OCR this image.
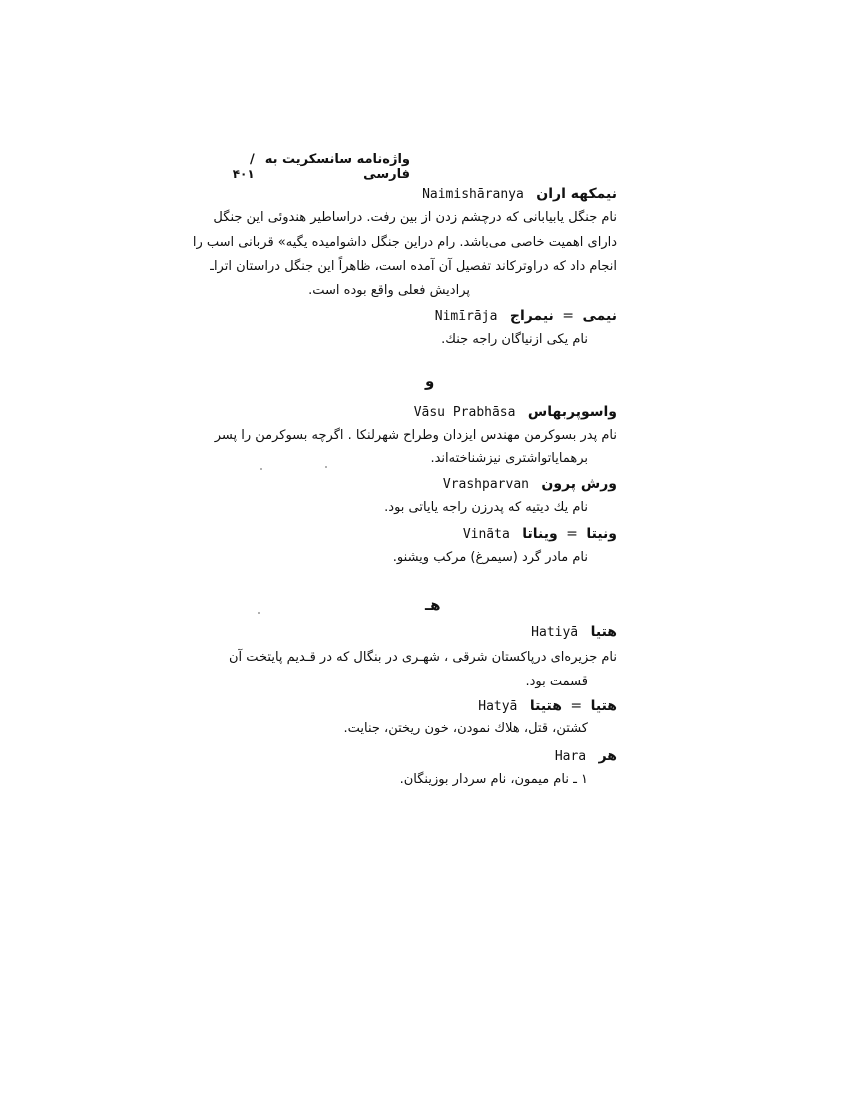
واژه‌نامه سانسکریت به فارسی
/ ۴۰۱
نیمکهه اران Naimishāranya
نام جنگل یابیابانی که درچشم زدن از بین رفت. دراساطیر هندوئی این جنگل
دارای اهمیت خاصی می‌باشد. رام دراین جنگل داشوامیده یگیه» قربانی اسب را
انجام داد که دراوترکاند تفصیل آن آمده است، ظاهراً این جنگل دراستان اتراـ
پرادیش فعلی واقع بوده است.
نیمی = نیمراج Nimīrāja
نام یکی ازنیاگان راجه جنك.
و
واسوپربهاس Vāsu Prabhāsa
نام پدر بسوکرمن مهندس ایزدان وطراح شهرلنکا . اگرچه بسوکرمن را پسر
برهمایاتواشتری نیزشناخته‌اند.
ورش پرون Vrashparvan
نام یك دیتیه که پدرزن راجه یاياتی بود.
ونیتا = ویناتا Vinãta
نام مادر گرد (سیمرغ) مرکب ویشنو.
هـ
هتیا Hatiyā
نام جزیره‌ای درپاکستان شرقی ، شهـری در بنگال که در قـدیم پایتخت آن
قسمت بود.
هتیا = هتیتا Hatyā
کشتن، قتل، هلاك نمودن، خون ریختن، جنایت.
هر Hara
۱ ـ نام میمون، نام سردار بوزینگان.
